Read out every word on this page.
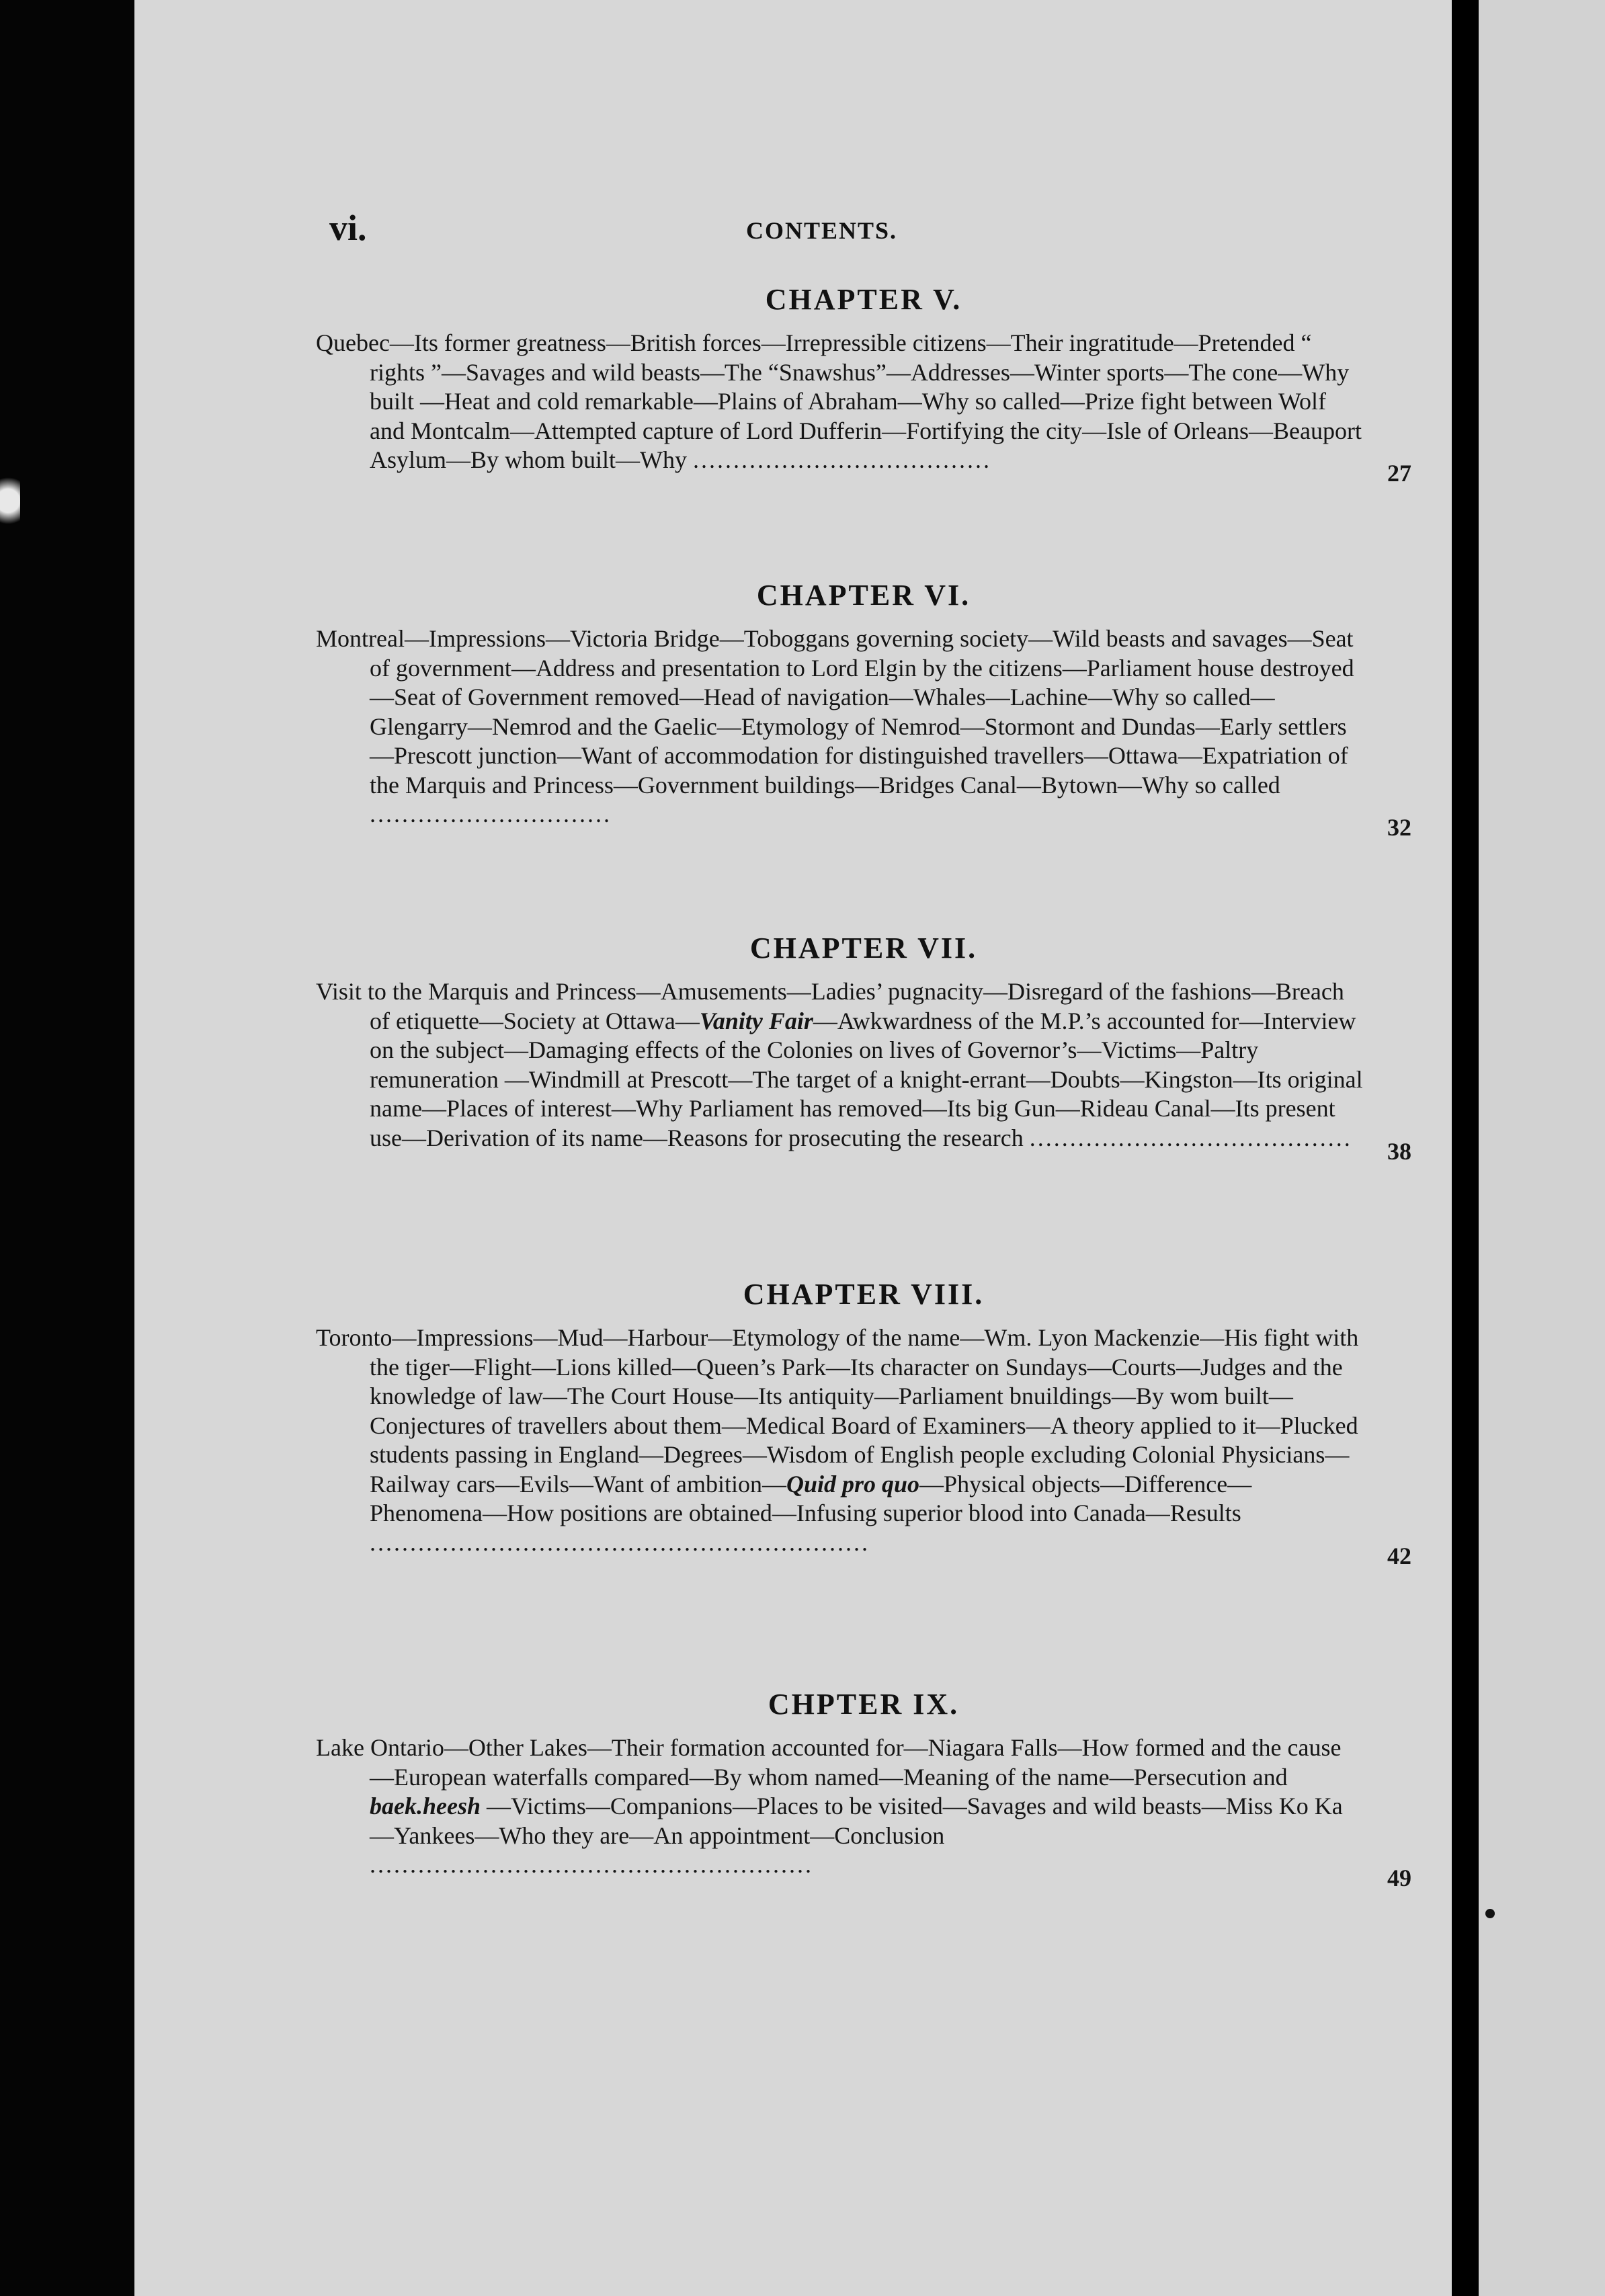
vi.	CONTENTS.
CHAPTER V.
Quebec—Its former greatness—British forces—Irrepressible citizens—Their ingratitude—Pretended “ rights ”—Savages and wild beasts—The “Snawshus”—Addresses—Winter sports—The cone—Why built —Heat and cold remarkable—Plains of Abraham—Why so called—Prize fight between Wolf and Montcalm—Attempted capture of Lord Dufferin—Fortifying the city—Isle of Orleans—Beauport Asylum—By whom built—Why .....................................	27
CHAPTER VI.
Montreal—Impressions—Victoria Bridge—Toboggans governing society—Wild beasts and savages—Seat of government—Address and presentation to Lord Elgin by the citizens—Parliament house destroyed—Seat of Government removed—Head of navigation—Whales—Lachine—Why so called—Glengarry—Nemrod and the Gaelic—Etymology of Nemrod—Stormont and Dundas—Early settlers—Prescott junction—Want of accommodation for distinguished travellers—Ottawa—Expatriation of the Marquis and Princess—Government buildings—Bridges Canal—Bytown—Why so called ..............................	32
CHAPTER VII.
Visit to the Marquis and Princess—Amusements—Ladies’ pugnacity—Disregard of the fashions—Breach of etiquette—Society at Ottawa—Vanity Fair—Awkwardness of the M.P.’s accounted for—Interview on the subject—Damaging effects of the Colonies on lives of Governor’s—Victims—Paltry remuneration —Windmill at Prescott—The target of a knight-errant—Doubts—Kingston—Its original name—Places of interest—Why Parliament has removed—Its big Gun—Rideau Canal—Its present use—Derivation of its name—Reasons for prosecuting the research ........................................	38
CHAPTER VIII.
Toronto—Impressions—Mud—Harbour—Etymology of the name—Wm. Lyon Mackenzie—His fight with the tiger—Flight—Lions killed—Queen’s Park—Its character on Sundays—Courts—Judges and the knowledge of law—The Court House—Its antiquity—Parliament bnuildings—By wom built—Conjectures of travellers about them—Medical Board of Examiners—A theory applied to it—Plucked students passing in England—Degrees—Wisdom of English people excluding Colonial Physicians—Railway cars—Evils—Want of ambition—Quid pro quo—Physical objects—Difference—Phenomena—How positions are obtained—Infusing superior blood into Canada—Results ..............................................................	42
CHPTER IX.
Lake Ontario—Other Lakes—Their formation accounted for—Niagara Falls—How formed and the cause—European waterfalls compared—By whom named—Meaning of the name—Persecution and baek.heesh —Victims—Companions—Places to be visited—Savages and wild beasts—Miss Ko Ka—Yankees—Who they are—An appointment—Conclusion .......................................................	49
